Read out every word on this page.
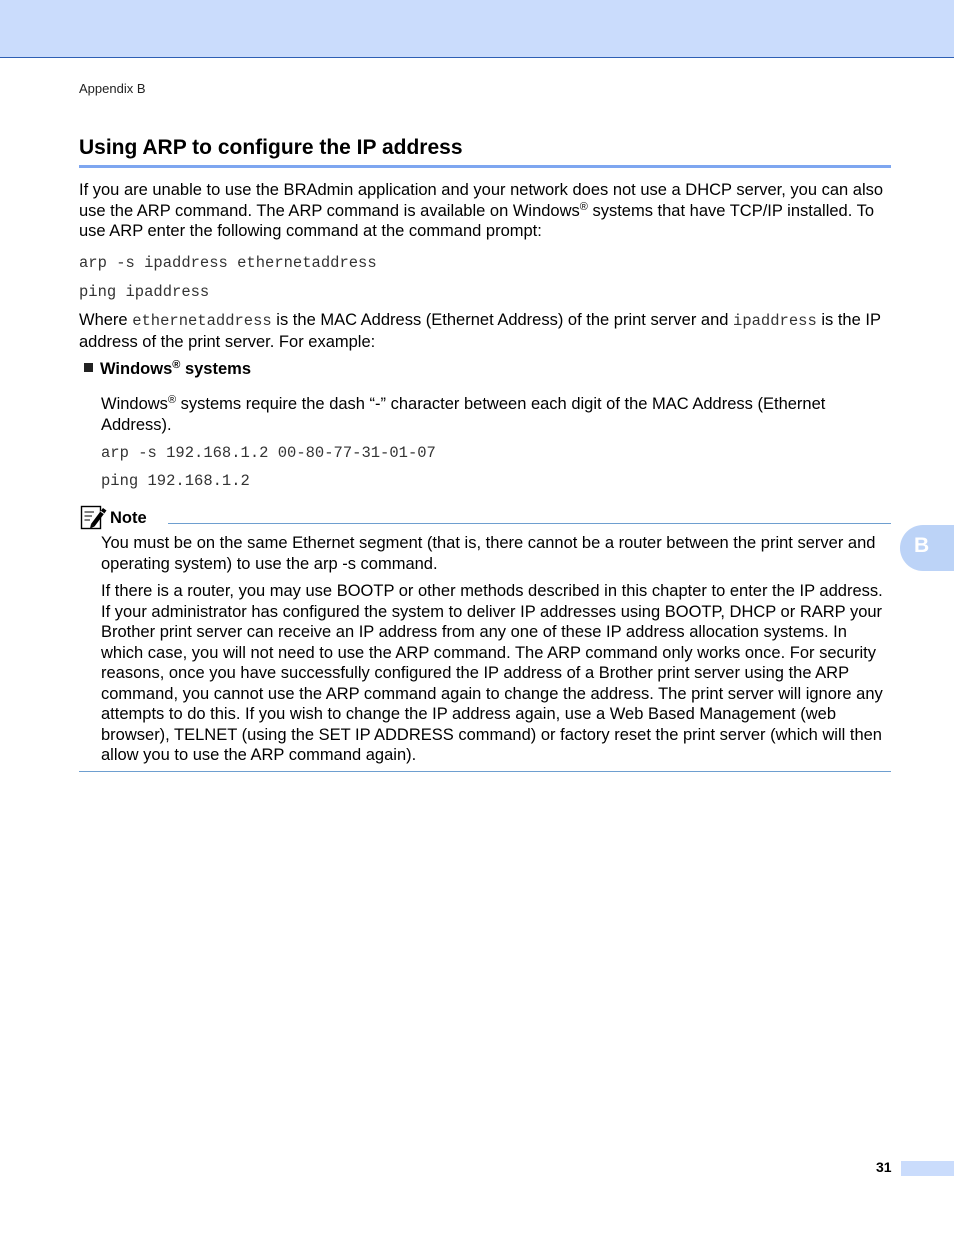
Appendix B
Using ARP to configure the IP address

If you are unable to use the BRAdmin application and your network does not use a DHCP server, you can also use the ARP command. The ARP command is available on Windows® systems that have TCP/IP installed. To use ARP enter the following command at the command prompt:

arp -s ipaddress ethernetaddress

ping ipaddress

Where ethernetaddress is the MAC Address (Ethernet Address) of the print server and ipaddress is the IP address of the print server. For example:

Windows® systems

Windows® systems require the dash “-” character between each digit of the MAC Address (Ethernet Address).

arp -s 192.168.1.2 00-80-77-31-01-07

ping 192.168.1.2

Note

You must be on the same Ethernet segment (that is, there cannot be a router between the print server and operating system) to use the arp -s command.

If there is a router, you may use BOOTP or other methods described in this chapter to enter the IP address. If your administrator has configured the system to deliver IP addresses using BOOTP, DHCP or RARP your Brother print server can receive an IP address from any one of these IP address allocation systems. In which case, you will not need to use the ARP command. The ARP command only works once. For security reasons, once you have successfully configured the IP address of a Brother print server using the ARP command, you cannot use the ARP command again to change the address. The print server will ignore any attempts to do this. If you wish to change the IP address again, use a Web Based Management (web browser), TELNET (using the SET IP ADDRESS command) or factory reset the print server (which will then allow you to use the ARP command again).

B
31
